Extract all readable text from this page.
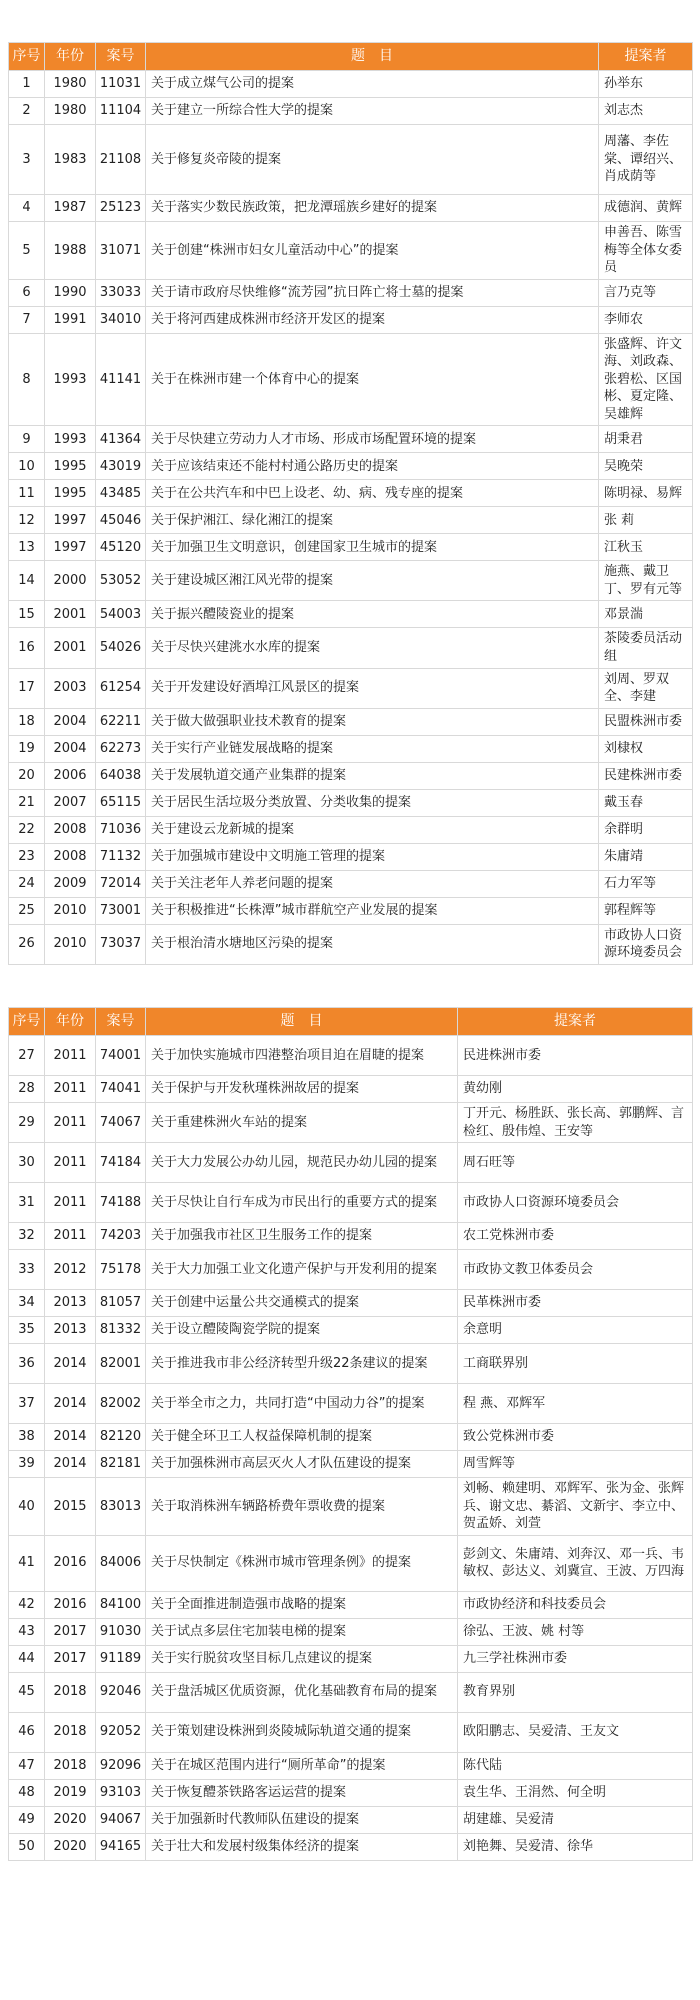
序号	年份	案号	题　目	提案者
1	1980	11031	关于成立煤气公司的提案	孙举东
2	1980	11104	关于建立一所综合性大学的提案	刘志杰
3	1983	21108	关于修复炎帝陵的提案	周藩、李佐棠、谭绍兴、肖成荫等
4	1987	25123	关于落实少数民族政策，把龙潭瑶族乡建好的提案	成德润、黄辉
5	1988	31071	关于创建“株洲市妇女儿童活动中心”的提案	申善吾、陈雪梅等全体女委员
6	1990	33033	关于请市政府尽快维修“流芳园”抗日阵亡将士墓的提案	言乃克等
7	1991	34010	关于将河西建成株洲市经济开发区的提案	李师农
8	1993	41141	关于在株洲市建一个体育中心的提案	张盛辉、许文海、刘政森、张碧松、区国彬、夏定隆、吴雄辉
9	1993	41364	关于尽快建立劳动力人才市场、形成市场配置环境的提案	胡秉君
10	1995	43019	关于应该结束还不能村村通公路历史的提案	吴晚荣
11	1995	43485	关于在公共汽车和中巴上设老、幼、病、残专座的提案	陈明禄、易辉
12	1997	45046	关于保护湘江、绿化湘江的提案	张 莉
13	1997	45120	关于加强卫生文明意识，创建国家卫生城市的提案	江秋玉
14	2000	53052	关于建设城区湘江风光带的提案	施燕、戴卫丁、罗有元等
15	2001	54003	关于振兴醴陵瓷业的提案	邓景湍
16	2001	54026	关于尽快兴建洮水水库的提案	茶陵委员活动组
17	2003	61254	关于开发建设好酒埠江风景区的提案	刘周、罗双全、李建
18	2004	62211	关于做大做强职业技术教育的提案	民盟株洲市委
19	2004	62273	关于实行产业链发展战略的提案	刘棣权
20	2006	64038	关于发展轨道交通产业集群的提案	民建株洲市委
21	2007	65115	关于居民生活垃圾分类放置、分类收集的提案	戴玉春
22	2008	71036	关于建设云龙新城的提案	余群明
23	2008	71132	关于加强城市建设中文明施工管理的提案	朱庸靖
24	2009	72014	关于关注老年人养老问题的提案	石力军等
25	2010	73001	关于积极推进“长株潭”城市群航空产业发展的提案	郭程辉等
26	2010	73037	关于根治清水塘地区污染的提案	市政协人口资源环境委员会
序号	年份	案号	题　目	提案者
27	2011	74001	关于加快实施城市四港整治项目迫在眉睫的提案	民进株洲市委
28	2011	74041	关于保护与开发秋瑾株洲故居的提案	黄幼刚
29	2011	74067	关于重建株洲火车站的提案	丁开元、杨胜跃、张长高、郭鹏辉、言检红、殷伟煌、王安等
30	2011	74184	关于大力发展公办幼儿园，规范民办幼儿园的提案	周石旺等
31	2011	74188	关于尽快让自行车成为市民出行的重要方式的提案	市政协人口资源环境委员会
32	2011	74203	关于加强我市社区卫生服务工作的提案	农工党株洲市委
33	2012	75178	关于大力加强工业文化遗产保护与开发利用的提案	市政协文教卫体委员会
34	2013	81057	关于创建中运量公共交通模式的提案	民革株洲市委
35	2013	81332	关于设立醴陵陶瓷学院的提案	余意明
36	2014	82001	关于推进我市非公经济转型升级22条建议的提案	工商联界别
37	2014	82002	关于举全市之力，共同打造“中国动力谷”的提案	程 燕、邓辉军
38	2014	82120	关于健全环卫工人权益保障机制的提案	致公党株洲市委
39	2014	82181	关于加强株洲市高层灭火人才队伍建设的提案	周雪辉等
40	2015	83013	关于取消株洲车辆路桥费年票收费的提案	刘畅、赖建明、邓辉军、张为金、张辉兵、谢文忠、綦滔、文新宇、李立中、贺孟娇、刘萱
41	2016	84006	关于尽快制定《株洲市城市管理条例》的提案	彭剑文、朱庸靖、刘奔汉、邓一兵、韦敏权、彭达义、刘冀宣、王波、万四海
42	2016	84100	关于全面推进制造强市战略的提案	市政协经济和科技委员会
43	2017	91030	关于试点多层住宅加装电梯的提案	徐弘、王波、姚 村等
44	2017	91189	关于实行脱贫攻坚目标几点建议的提案	九三学社株洲市委
45	2018	92046	关于盘活城区优质资源，优化基础教育布局的提案	教育界别
46	2018	92052	关于策划建设株洲到炎陵城际轨道交通的提案	欧阳鹏志、吴爱清、王友文
47	2018	92096	关于在城区范围内进行“厕所革命”的提案	陈代陆
48	2019	93103	关于恢复醴茶铁路客运运营的提案	袁生华、王涓然、何全明
49	2020	94067	关于加强新时代教师队伍建设的提案	胡建雄、吴爱清
50	2020	94165	关于壮大和发展村级集体经济的提案	刘艳舞、吴爱清、徐华
